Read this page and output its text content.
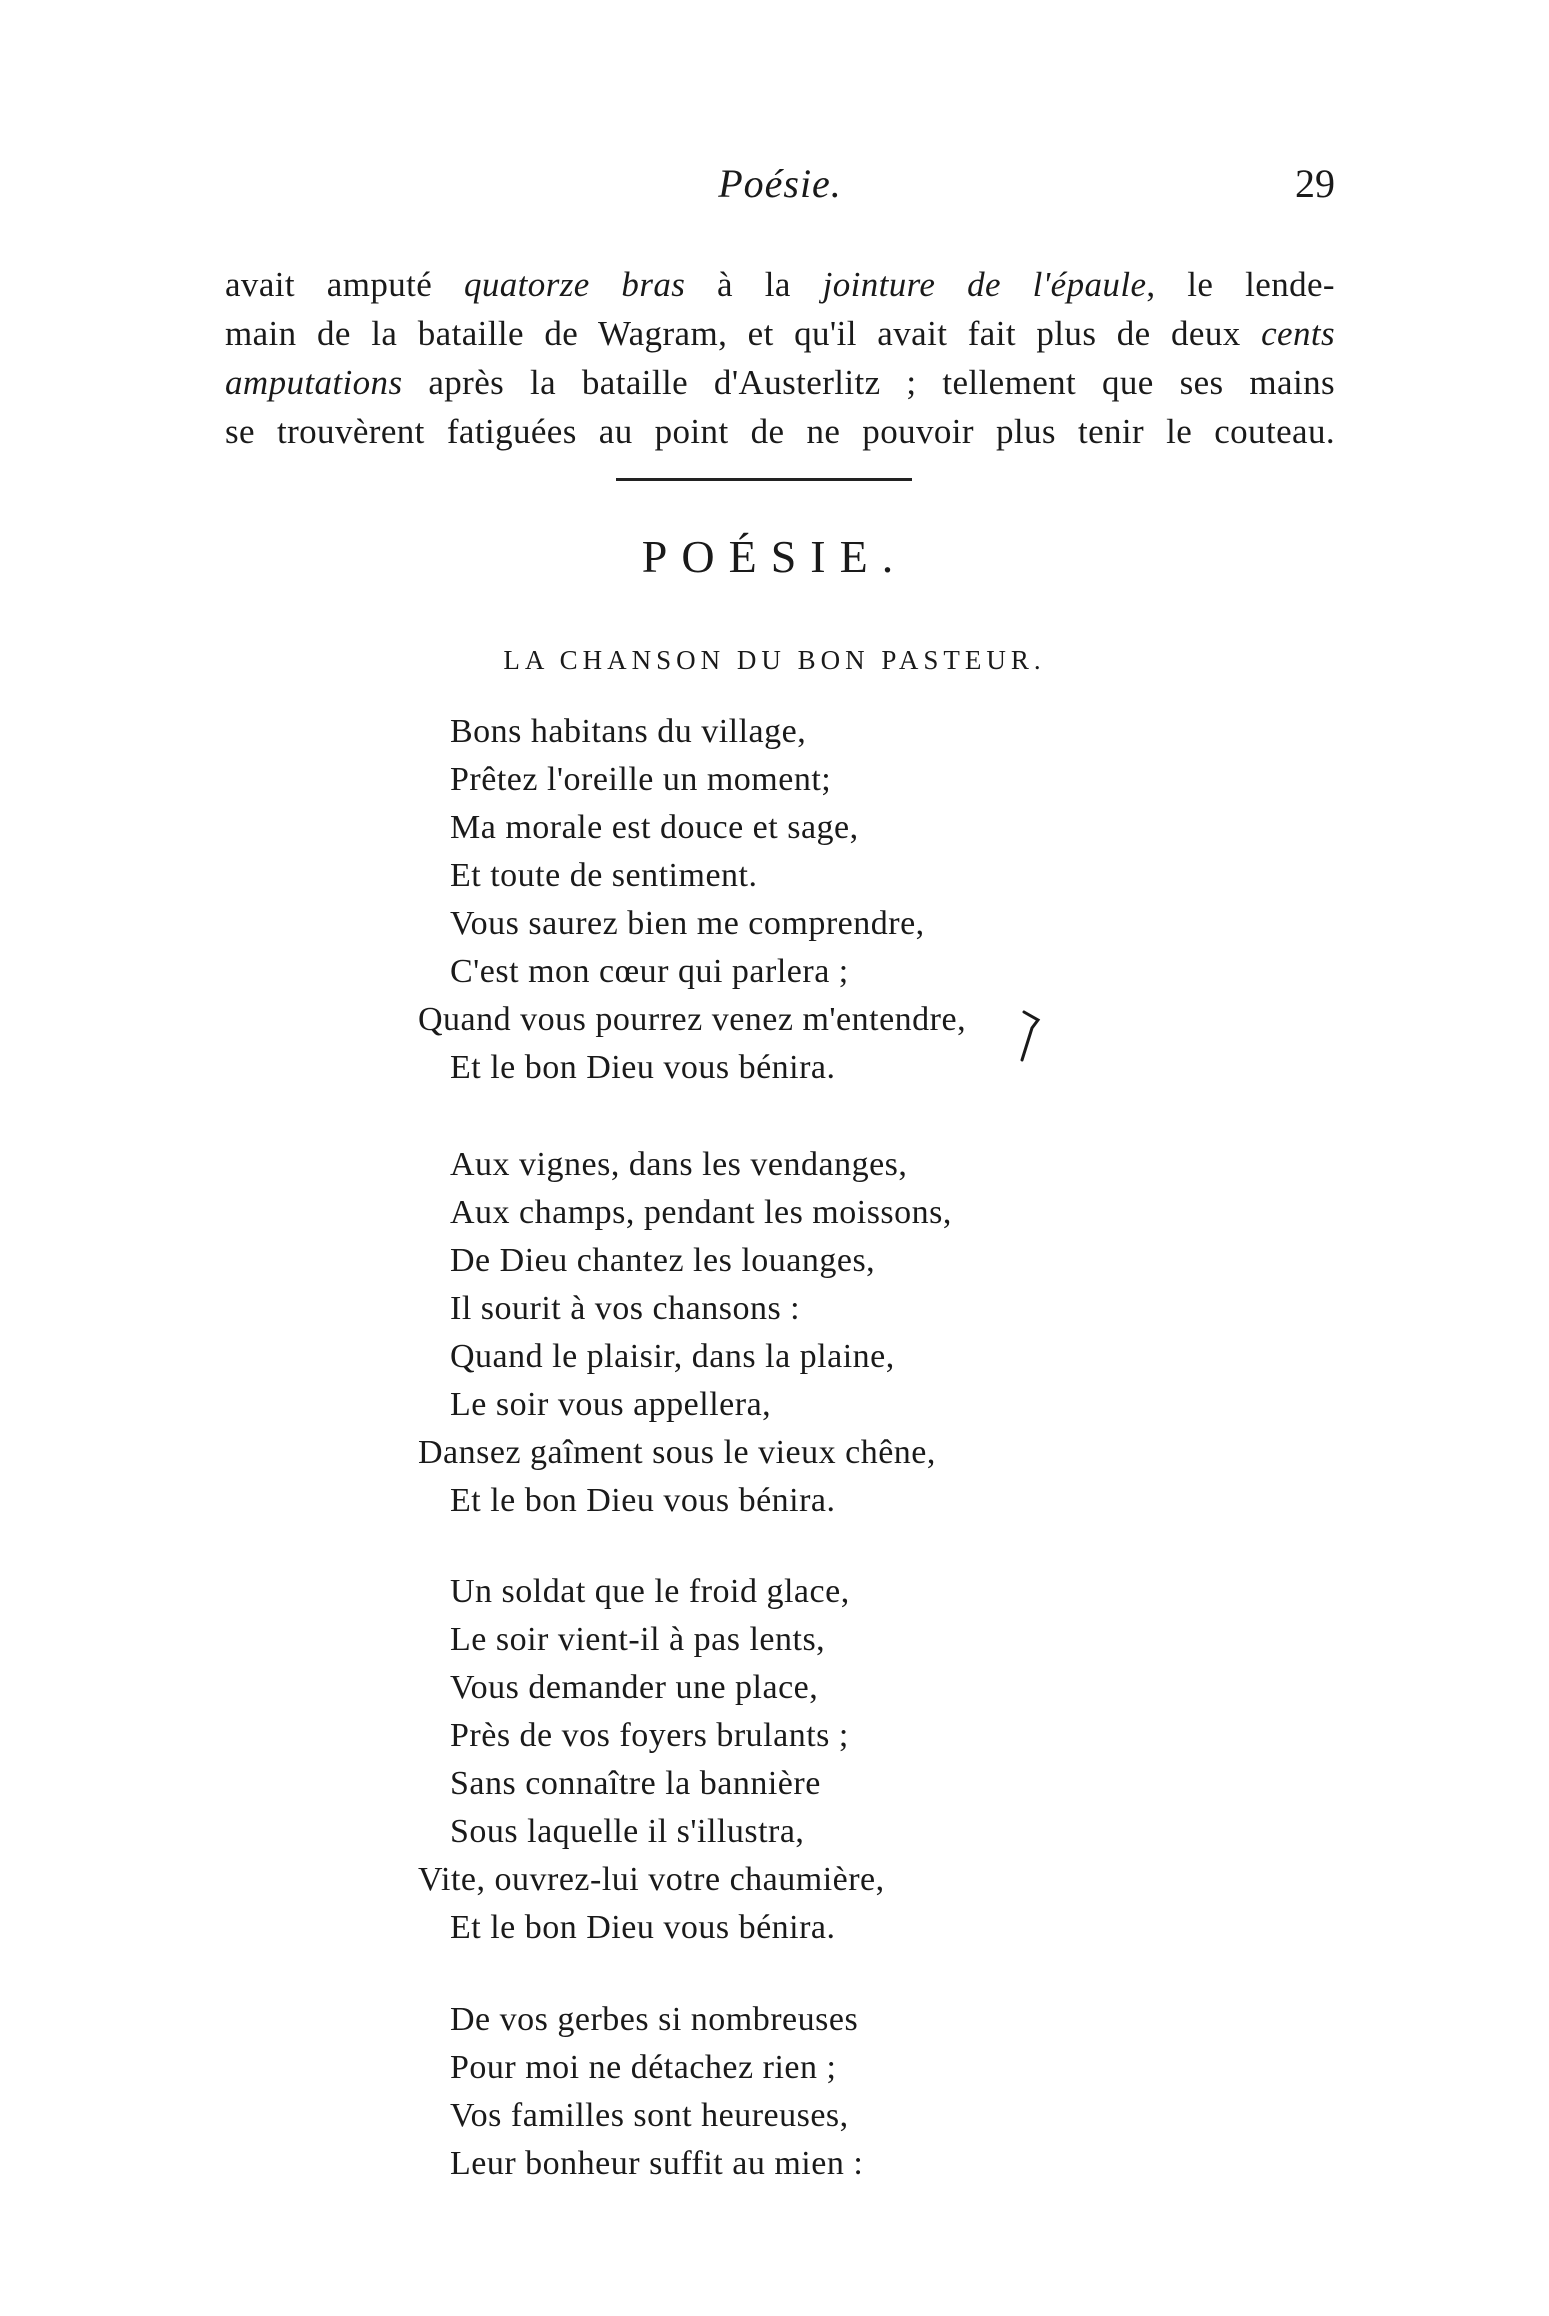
Poésie.	29
avait amputé quatorze bras à la jointure de l'épaule, le lende-
main de la bataille de Wagram, et qu'il avait fait plus de deux cents
amputations après la bataille d'Austerlitz ; tellement que ses mains
se trouvèrent fatiguées au point de ne pouvoir plus tenir le couteau.
POÉSIE.
LA CHANSON DU BON PASTEUR.
Bons habitans du village,
Prêtez l'oreille un moment;
Ma morale est douce et sage,
Et toute de sentiment.
Vous saurez bien me comprendre,
C'est mon cœur qui parlera ;
Quand vous pourrez venez m'entendre,
Et le bon Dieu vous bénira.
Aux vignes, dans les vendanges,
Aux champs, pendant les moissons,
De Dieu chantez les louanges,
Il sourit à vos chansons :
Quand le plaisir, dans la plaine,
Le soir vous appellera,
Dansez gaîment sous le vieux chêne,
Et le bon Dieu vous bénira.
Un soldat que le froid glace,
Le soir vient-il à pas lents,
Vous demander une place,
Près de vos foyers brulants ;
Sans connaître la bannière
Sous laquelle il s'illustra,
Vite, ouvrez-lui votre chaumière,
Et le bon Dieu vous bénira.
De vos gerbes si nombreuses
Pour moi ne détachez rien ;
Vos familles sont heureuses,
Leur bonheur suffit au mien :
